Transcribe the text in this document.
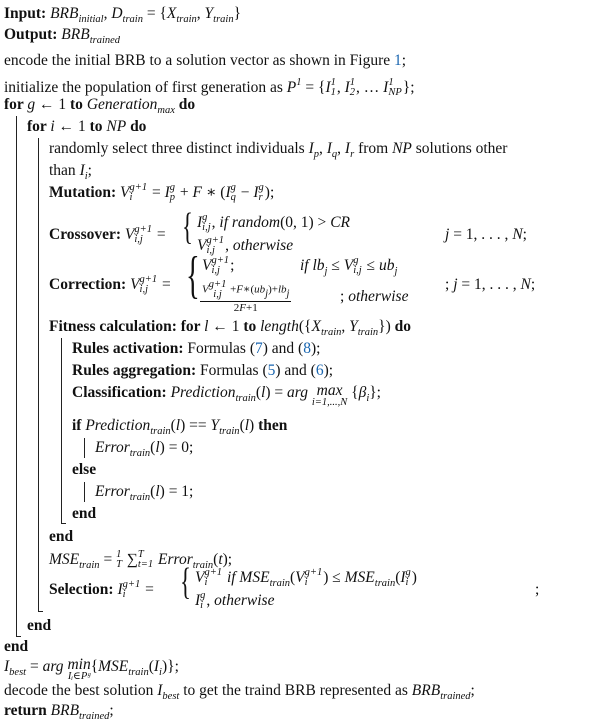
Input: $BRB_{initial}$, $D_{train} = \{X_{train}$, $Y_{train}$}
Output: $BRB_{trained}$
encode the initial BRB to a solution vector as shown in Figure 1;
initialize the population of first generation as $P^1 = \{I$ 1
1 , I 2
1 , … I NP
1 };
for g ← 1 to Generation$_{max}$ do
for i ← 1 to NP do
randomly select three distinct individuals $I_p$, $I_q$, $I_r$ from NP solutions other
than $I_i$;
Mutation: V i
g+1 = I p
g + F ∗ (I q
g − I r
g );
Crossover: V i,j
g+1 = { I i,j
g , if random(0, 1) > CR
V i,j
g+1 , otherwise
j = 1, . . . , N;
Correction: V i,j
g+1 = { V i,j
g+1 ;	if $lb_j \le V$ i,j
$g \le ub_j$
V i,j
g+1 +F∗(ubj)+lbj
2F+1
; otherwise
; j = 1, . . . , N;
Fitness calculation: for l ← 1 to $length(\{X_{train}$, $Y_{train}$}) do
Rules activation: Formulas (7) and (8);
Rules aggregation: Formulas (5) and (6);
Classification: Prediction$_{train}$(l) = arg max
i=1,...,N
$\{\beta_i\}$;
if Prediction$_{train}$(l) == $Y_{train}(l)$ then
Error$_{train}$(l) = 0;
else
Error$_{train}$(l) = 1;
end
end
$MSE_{train} = T$
1 ∑ t=1
T Error$_{train}$(t);
Selection: I i
g+1 = { V i
g+1 if $MSE_{train}(V$ i
g+1 ) ≤ $MSE_{train}(I$ i
g )
I i
g , otherwise
;
end
end
$I_{best}$ = arg min
Iᵢ∈Pᵍ
$\{MSE_{train}(I_i)\}$;
decode the best solution $I_{best}$ to get the traind BRB represented as $BRB_{trained}$;
return $BRB_{trained}$;
